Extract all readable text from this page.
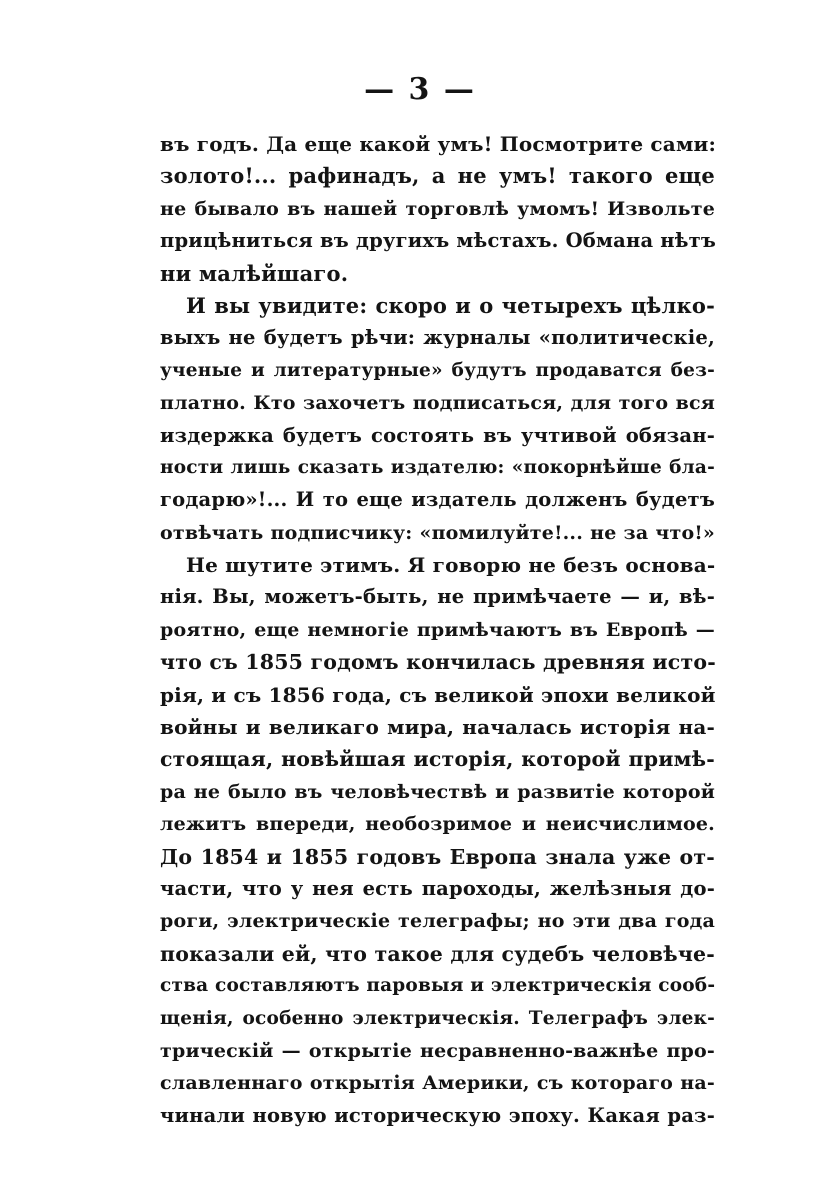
— 3 —
въ годъ. Да еще какой умъ! Посмотрите сами:
золото!... рафинадъ, а не умъ! такого еще
не бывало въ нашей торговлѣ умомъ! Извольте
прицѣниться въ другихъ мѣстахъ. Обмана нѣтъ
ни малѣйшаго.
И вы увидите: скоро и о четырехъ цѣлко-
выхъ не будетъ рѣчи: журналы «политическіе,
ученые и литературные» будутъ продаватся без-
платно. Кто захочетъ подписаться, для того вся
издержка будетъ состоять въ учтивой обязан-
ности лишь сказать издателю: «покорнѣйше бла-
годарю»!... И то еще издатель долженъ будетъ
отвѣчать подписчику: «помилуйте!... не за что!»
Не шутите этимъ. Я говорю не безъ основа-
нія. Вы, можетъ-быть, не примѣчаете — и, вѣ-
роятно, еще немногіе примѣчаютъ въ Европѣ —
что съ 1855 годомъ кончилась древняя исто-
рія, и съ 1856 года, съ великой эпохи великой
войны и великаго мира, началась исторія на-
стоящая, новѣйшая исторія, которой примѣ-
ра не было въ человѣчествѣ и развитіе которой
лежитъ впереди, необозримое и неисчислимое.
До 1854 и 1855 годовъ Европа знала уже от-
части, что у нея есть пароходы, желѣзныя до-
роги, электрическіе телеграфы; но эти два года
показали ей, что такое для судебъ человѣче-
ства составляютъ паровыя и электрическія сооб-
щенія, особенно электрическія. Телеграфъ элек-
трическій — открытіе несравненно-важнѣе про-
славленнаго открытія Америки, съ котораго на-
чинали новую историческую эпоху. Какая раз-
